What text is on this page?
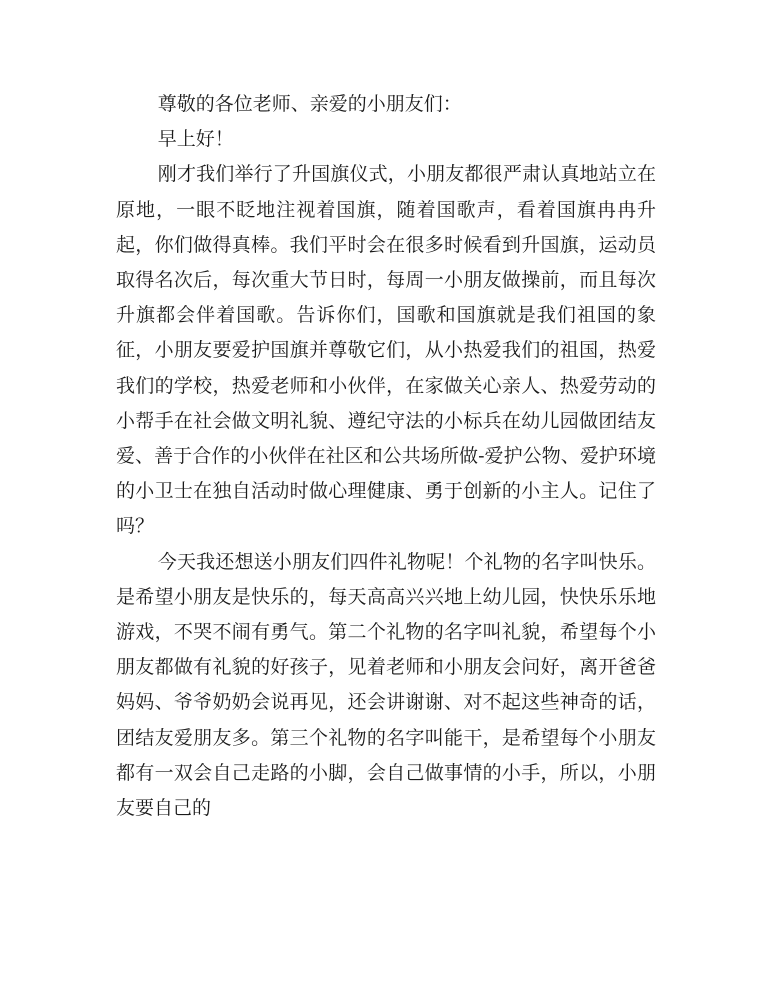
尊敬的各位老师、亲爱的小朋友们：

早上好！

刚才我们举行了升国旗仪式，小朋友都很严肃认真地站立在原地，一眼不眨地注视着国旗，随着国歌声，看着国旗冉冉升起，你们做得真棒。我们平时会在很多时候看到升国旗，运动员取得名次后，每次重大节日时，每周一小朋友做操前，而且每次升旗都会伴着国歌。告诉你们，国歌和国旗就是我们祖国的象征，小朋友要爱护国旗并尊敬它们，从小热爱我们的祖国，热爱我们的学校，热爱老师和小伙伴，在家做关心亲人、热爱劳动的小帮手在社会做文明礼貌、遵纪守法的小标兵在幼儿园做团结友爱、善于合作的小伙伴在社区和公共场所做-爱护公物、爱护环境的小卫士在独自活动时做心理健康、勇于创新的小主人。记住了吗？

今天我还想送小朋友们四件礼物呢！个礼物的名字叫快乐。是希望小朋友是快乐的，每天高高兴兴地上幼儿园，快快乐乐地游戏，不哭不闹有勇气。第二个礼物的名字叫礼貌，希望每个小朋友都做有礼貌的好孩子，见着老师和小朋友会问好，离开爸爸妈妈、爷爷奶奶会说再见，还会讲谢谢、对不起这些神奇的话，团结友爱朋友多。第三个礼物的名字叫能干，是希望每个小朋友都有一双会自己走路的小脚，会自己做事情的小手，所以，小朋友要自己的
